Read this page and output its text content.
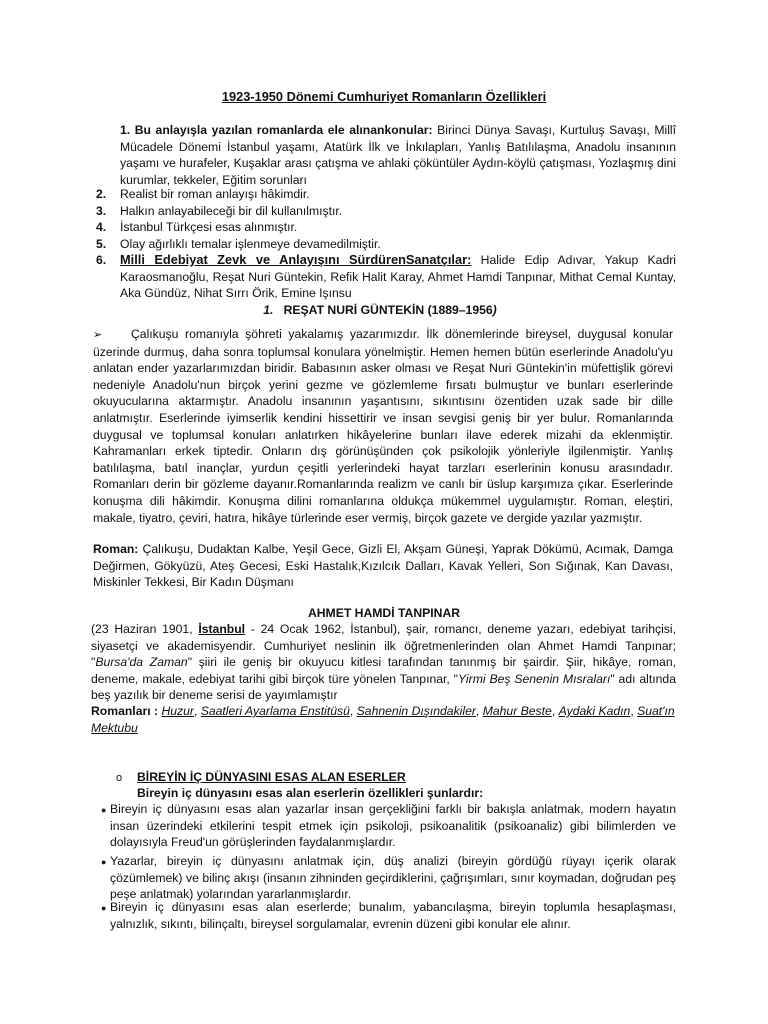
1923-1950 Dönemi Cumhuriyet Romanların Özellikleri
1. Bu anlayışla yazılan romanlarda ele alınankonular: Birinci Dünya Savaşı, Kurtuluş Savaşı, Millî Mücadele Dönemi İstanbul yaşamı, Atatürk İlk ve İnkılapları, Yanlış Batılılaşma, Anadolu insanının yaşamı ve hurafeler, Kuşaklar arası çatışma ve ahlaki çöküntüler Aydın-köylü çatışması, Yozlaşmış dini kurumlar, tekkeler, Eğitim sorunları
2. Realist bir roman anlayışı hâkimdir.
3. Halkın anlayabileceği bir dil kullanılmıştır.
4. İstanbul Türkçesi esas alınmıştır.
5. Olay ağırlıklı temalar işlenmeye devamedilmiştir.
6.	Milli Edebiyat Zevk ve Anlayışını SürdürenSanatçılar: Halide Edip Adıvar, Yakup Kadri Karaosmanoğlu, Reşat Nuri Güntekin, Refik Halit Karay, Ahmet Hamdi Tanpınar, Mithat Cemal Kuntay, Aka Gündüz, Nihat Sırrı Örik, Emine Işınsu
1. REŞAT NURİ GÜNTEKİN (1889–1956)
➢ Çalıkuşu romanıyla şöhreti yakalamış yazarımızdır. İlk dönemlerinde bireysel, duygusal konular üzerinde durmuş, daha sonra toplumsal konulara yönelmiştir. Hemen hemen bütün eserlerinde Anadolu'yu anlatan ender yazarlarımızdan biridir. Babasının asker olması ve Reşat Nuri Güntekin'in müfettişlik görevi nedeniyle Anadolu'nun birçok yerini gezme ve gözlemleme fırsatı bulmuştur ve bunları eserlerinde okuyucularına aktarmıştır. Anadolu insanının yaşantısını, sıkıntısını özentiden uzak sade bir dille anlatmıştır. Eserlerinde iyimserlik kendini hissettirir ve insan sevgisi geniş bir yer bulur. Romanlarında duygusal ve toplumsal konuları anlatırken hikâyelerine bunları ilave ederek mizahi da eklenmiştir. Kahramanları erkek tiptedir. Onların dış görünüşünden çok psikolojik yönleriyle ilgilenmiştir. Yanlış batılılaşma, batıl inançlar, yurdun çeşitli yerlerindeki hayat tarzları eserlerinin konusu arasındadır. Romanları derin bir gözleme dayanır.Romanlarında realizm ve canlı bir üslup karşımıza çıkar. Eserlerinde konuşma dili hâkimdir. Konuşma dilini romanlarına oldukça mükemmel uygulamıştır. Roman, eleştiri, makale, tiyatro, çeviri, hatıra, hikâye türlerinde eser vermiş, birçok gazete ve dergide yazılar yazmıştır.
Roman: Çalıkuşu, Dudaktan Kalbe, Yeşil Gece, Gizli El, Akşam Güneşi, Yaprak Dökümü, Acımak, Damga Değirmen, Gökyüzü, Ateş Gecesi, Eski Hastalık,Kızılcık Dalları, Kavak Yelleri, Son Sığınak, Kan Davası, Miskinler Tekkesi, Bir Kadın Düşmanı
AHMET HAMDİ TANPINAR
(23 Haziran 1901, İstanbul - 24 Ocak 1962, İstanbul), şair, romancı, deneme yazarı, edebiyat tarihçisi, siyasetçi ve akademisyendir. Cumhuriyet neslinin ilk öğretmenlerinden olan Ahmet Hamdi Tanpınar; "Bursa'da Zaman" şiiri ile geniş bir okuyucu kitlesi tarafından tanınmış bir şairdir. Şiir, hikâye, roman, deneme, makale, edebiyat tarihi gibi birçok türe yönelen Tanpınar, "Yirmi Beş Senenin Mısraları" adı altında beş yazılık bir deneme serisi de yayımlamıştır
Romanları : Huzur, Saatleri Ayarlama Enstitüsü, Sahnenin Dışındakiler, Mahur Beste, Aydaki Kadın, Suat'ın Mektubu
o BİREYİN İÇ DÜNYASINI ESAS ALAN ESERLER
Bireyin iç dünyasını esas alan eserlerin özellikleri şunlardır:
● Bireyin iç dünyasını esas alan yazarlar insan gerçekliğini farklı bir bakışla anlatmak, modern hayatın insan üzerindeki etkilerini tespit etmek için psikoloji, psikoanalitik (psikoanaliz) gibi bilimlerden ve dolayısıyla Freud'un görüşlerinden faydalanmışlardır.
● Yazarlar, bireyin iç dünyasını anlatmak için, düş analizi (bireyin gördüğü rüyayı içerik olarak çözümlemek) ve bilinç akışı (insanın zihninden geçirdiklerini, çağrışımları, sınır koymadan, doğrudan peş peşe anlatmak) yolarından yararlanmışlardır.
● Bireyin iç dünyasını esas alan eserlerde; bunalım, yabancılaşma, bireyin toplumla hesaplaşması, yalnızlık, sıkıntı, bilinçaltı, bireysel sorgulamalar, evrenin düzeni gibi konular ele alınır.
